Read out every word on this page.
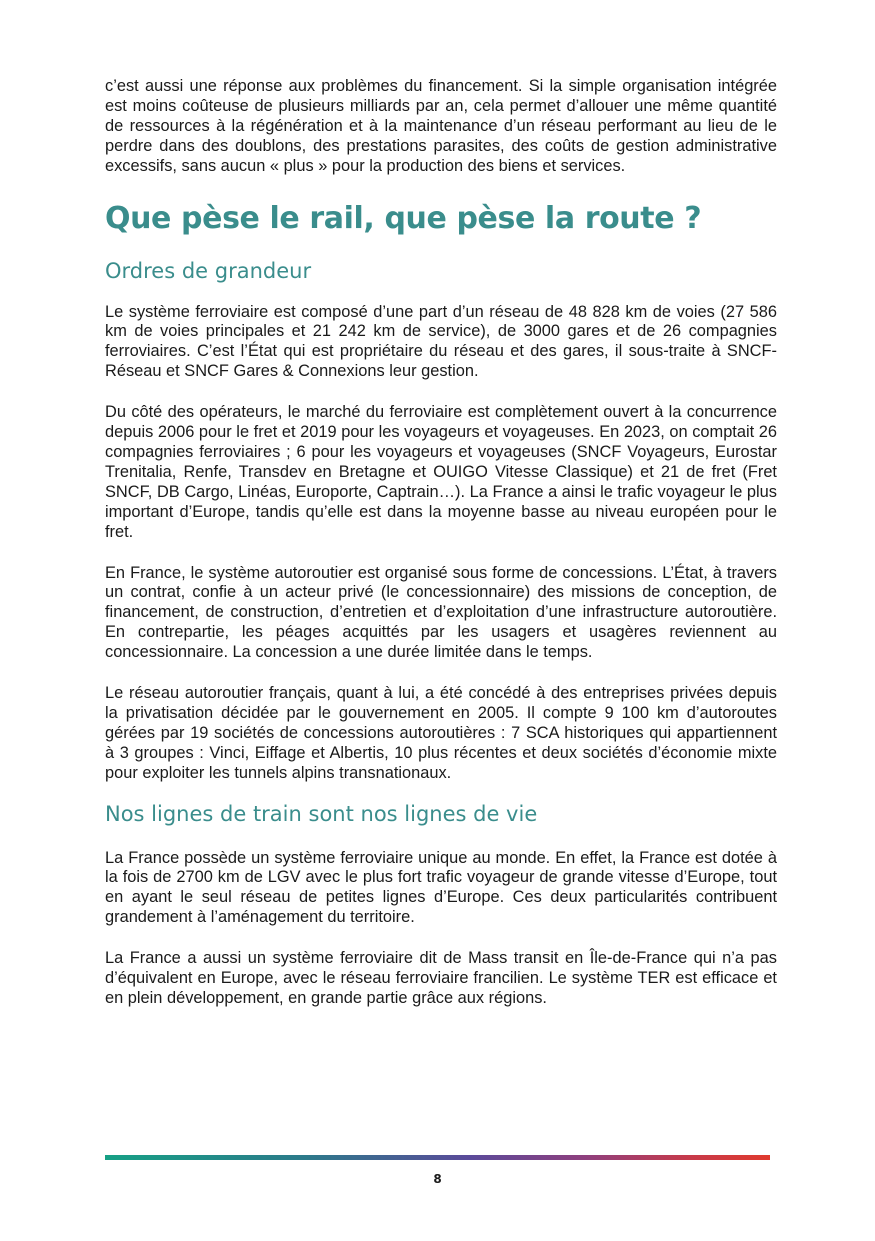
c’est aussi une réponse aux problèmes du financement. Si la simple organisation intégrée est moins coûteuse de plusieurs milliards par an, cela permet d’allouer une même quantité de ressources à la régénération et à la maintenance d’un réseau performant au lieu de le perdre dans des doublons, des prestations parasites, des coûts de gestion administrative excessifs, sans aucun « plus » pour la production des biens et services.

Que pèse le rail, que pèse la route ?
Ordres de grandeur

Le système ferroviaire est composé d’une part d’un réseau de 48 828 km de voies (27 586 km de voies principales et 21 242 km de service), de 3000 gares et de 26 compagnies ferroviaires. C’est l’État qui est propriétaire du réseau et des gares, il sous-traite à SNCF-Réseau et SNCF Gares & Connexions leur gestion.

Du côté des opérateurs, le marché du ferroviaire est complètement ouvert à la concurrence depuis 2006 pour le fret et 2019 pour les voyageurs et voyageuses. En 2023, on comptait 26 compagnies ferroviaires ; 6 pour les voyageurs et voyageuses (SNCF Voyageurs, Eurostar Trenitalia, Renfe, Transdev en Bretagne et OUIGO Vitesse Classique) et 21 de fret (Fret SNCF, DB Cargo, Linéas, Europorte, Captrain…). La France a ainsi le trafic voyageur le plus important d’Europe, tandis qu’elle est dans la moyenne basse au niveau européen pour le fret.

En France, le système autoroutier est organisé sous forme de concessions. L’État, à travers un contrat, confie à un acteur privé (le concessionnaire) des missions de conception, de financement, de construction, d’entretien et d’exploitation d’une infrastructure autoroutière. En contrepartie, les péages acquittés par les usagers et usagères reviennent au concessionnaire. La concession a une durée limitée dans le temps.

Le réseau autoroutier français, quant à lui, a été concédé à des entreprises privées depuis la privatisation décidée par le gouvernement en 2005. Il compte 9 100 km d’autoroutes gérées par 19 sociétés de concessions autoroutières : 7 SCA historiques qui appartiennent à 3 groupes : Vinci, Eiffage et Albertis, 10 plus récentes et deux sociétés d’économie mixte pour exploiter les tunnels alpins transnationaux.

Nos lignes de train sont nos lignes de vie

La France possède un système ferroviaire unique au monde. En effet, la France est dotée à la fois de 2700 km de LGV avec le plus fort trafic voyageur de grande vitesse d’Europe, tout en ayant le seul réseau de petites lignes d’Europe. Ces deux particularités contribuent grandement à l’aménagement du territoire.

La France a aussi un système ferroviaire dit de Mass transit en Île-de-France qui n’a pas d’équivalent en Europe, avec le réseau ferroviaire francilien. Le système TER est efficace et en plein développement, en grande partie grâce aux régions.

8
